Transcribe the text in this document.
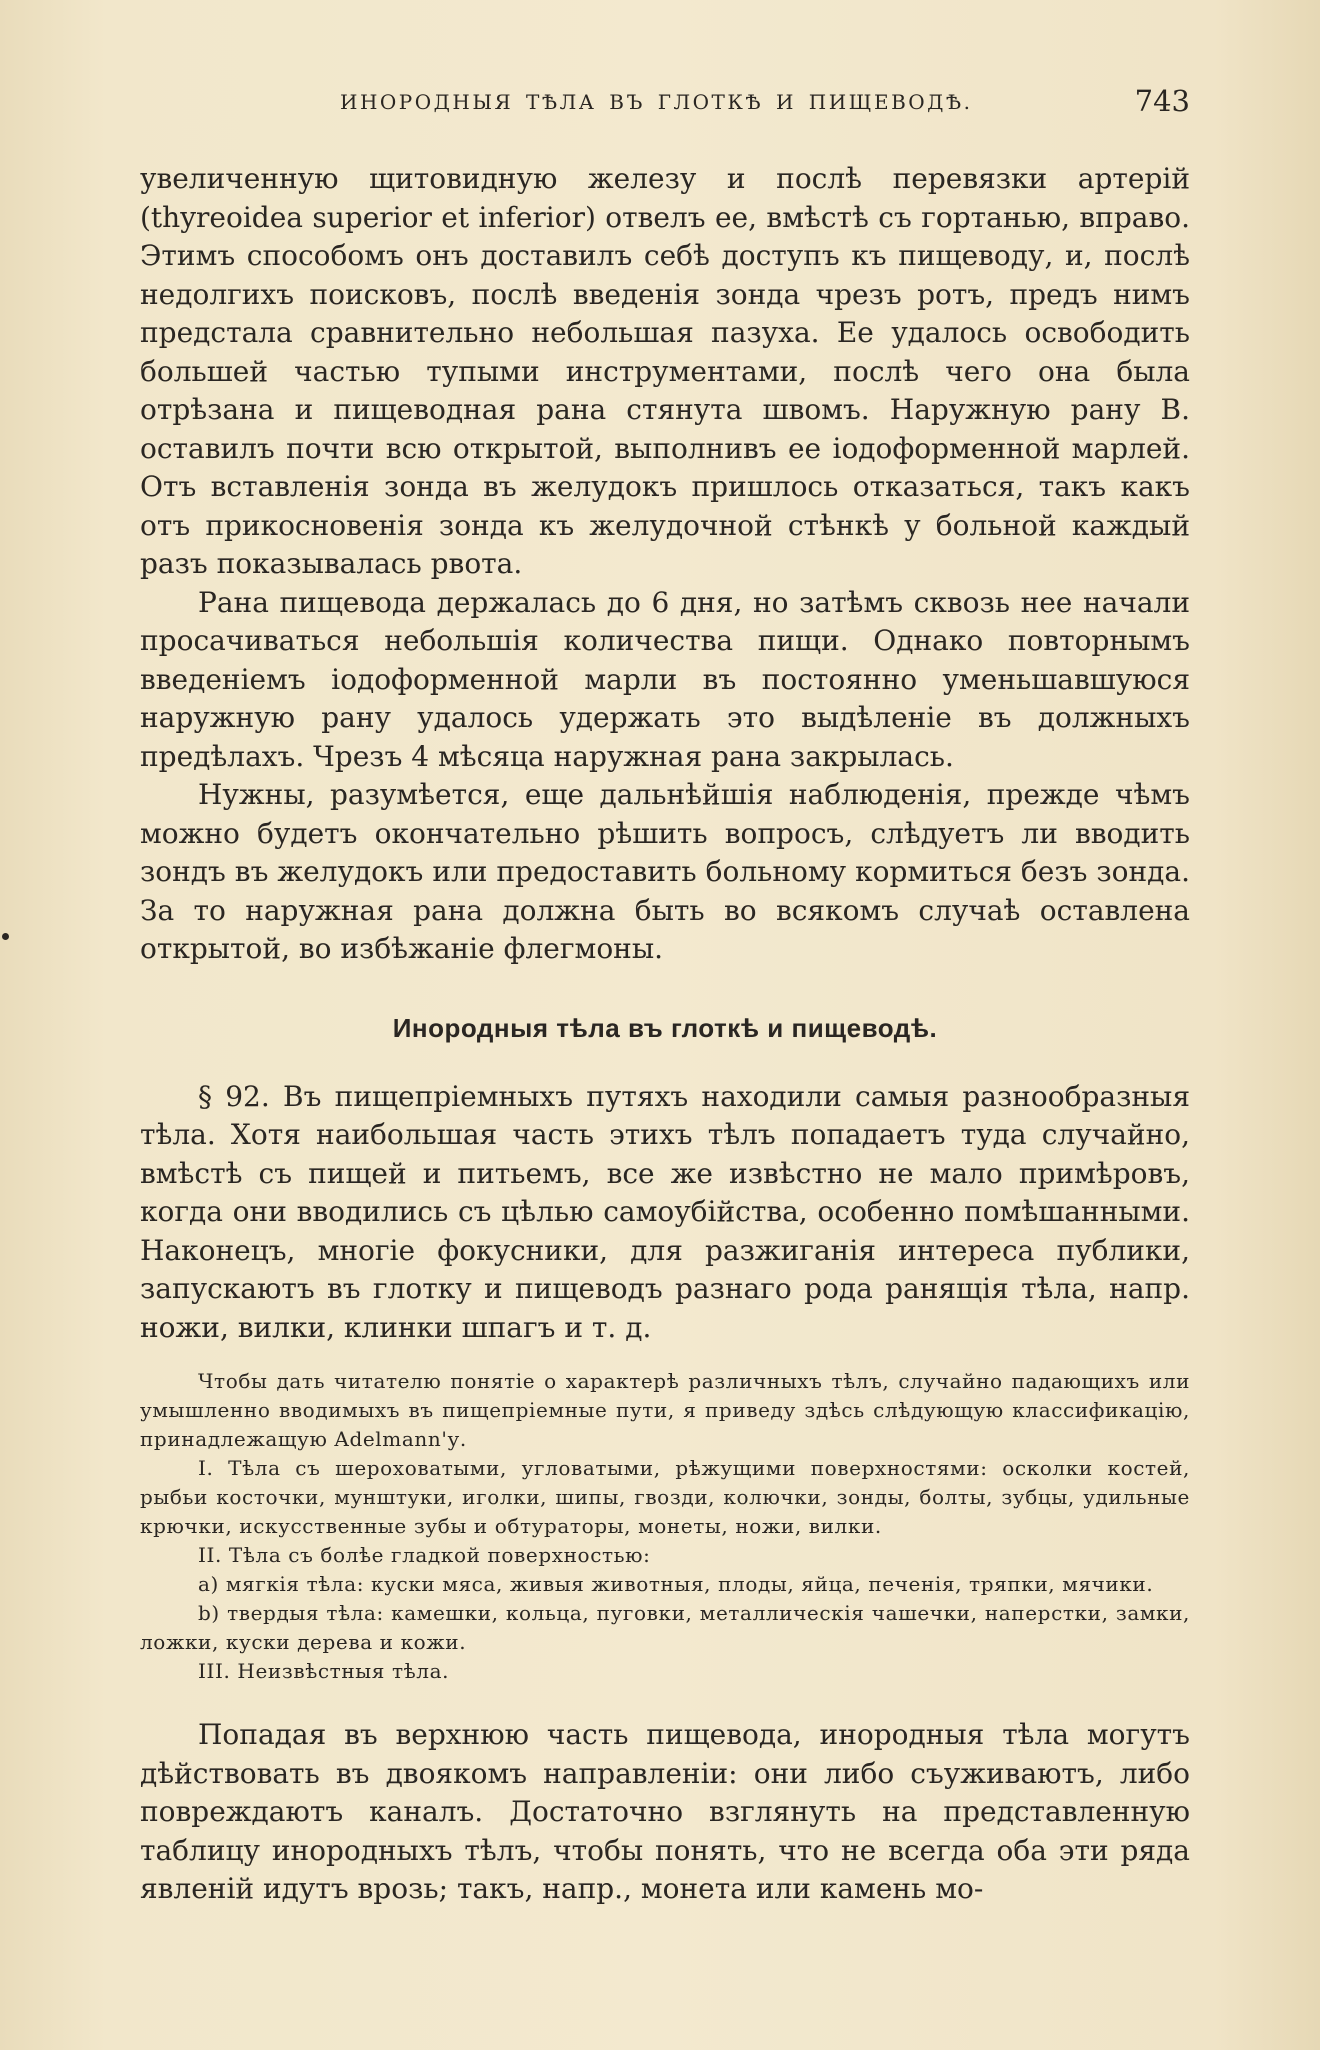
ИНОРОДНЫЯ ТѢЛА ВЪ ГЛОТКѢ И ПИЩЕВОДѢ.	743

увеличенную щитовидную железу и послѣ перевязки артерій (thyreoidea superior et inferior) отвелъ ее, вмѣстѣ съ гортанью, вправо. Этимъ способомъ онъ доставилъ себѣ доступъ къ пищеводу, и, послѣ недолгихъ поисковъ, послѣ введенія зонда чрезъ ротъ, предъ нимъ предстала сравнительно небольшая пазуха. Ее удалось освободить большей частью тупыми инструментами, послѣ чего она была отрѣзана и пищеводная рана стянута швомъ. Наружную рану B. оставилъ почти всю открытой, выполнивъ ее іодоформенной марлей. Отъ вставленія зонда въ желудокъ пришлось отказаться, такъ какъ отъ прикосновенія зонда къ желудочной стѣнкѣ у больной каждый разъ показывалась рвота.

Рана пищевода держалась до 6 дня, но затѣмъ сквозь нее начали просачиваться небольшія количества пищи. Однако повторнымъ введеніемъ іодоформенной марли въ постоянно уменьшавшуюся наружную рану удалось удержать это выдѣленіе въ должныхъ предѣлахъ. Чрезъ 4 мѣсяца наружная рана закрылась.

Нужны, разумѣется, еще дальнѣйшія наблюденія, прежде чѣмъ можно будетъ окончательно рѣшить вопросъ, слѣдуетъ ли вводить зондъ въ желудокъ или предоставить больному кормиться безъ зонда. За то наружная рана должна быть во всякомъ случаѣ оставлена открытой, во избѣжаніе флегмоны.

Инородныя тѣла въ глоткѣ и пищеводѣ.

§ 92. Въ пищепріемныхъ путяхъ находили самыя разнообразныя тѣла. Хотя наибольшая часть этихъ тѣлъ попадаетъ туда случайно, вмѣстѣ съ пищей и питьемъ, все же извѣстно не мало примѣровъ, когда они вводились съ цѣлью самоубійства, особенно помѣшанными. Наконецъ, многіе фокусники, для разжиганія интереса публики, запускаютъ въ глотку и пищеводъ разнаго рода ранящія тѣла, напр. ножи, вилки, клинки шпагъ и т. д.

Чтобы дать читателю понятіе о характерѣ различныхъ тѣлъ, случайно падающихъ или умышленно вводимыхъ въ пищепріемные пути, я приведу здѣсь слѣдующую классификацію, принадлежащую Adelmann'у.

I. Тѣла съ шероховатыми, угловатыми, рѣжущими поверхностями: осколки костей, рыбьи косточки, мунштуки, иголки, шипы, гвозди, колючки, зонды, болты, зубцы, удильные крючки, искусственные зубы и обтураторы, монеты, ножи, вилки.

II. Тѣла съ болѣе гладкой поверхностью:

a) мягкія тѣла: куски мяса, живыя животныя, плоды, яйца, печенія, тряпки, мячики.

b) твердыя тѣла: камешки, кольца, пуговки, металлическія чашечки, наперстки, замки, ложки, куски дерева и кожи.

III. Неизвѣстныя тѣла.

Попадая въ верхнюю часть пищевода, инородныя тѣла могутъ дѣйствовать въ двоякомъ направленіи: они либо съуживаютъ, либо повреждаютъ каналъ. Достаточно взглянуть на представленную таблицу инородныхъ тѣлъ, чтобы понять, что не всегда оба эти ряда явленій идутъ врозь; такъ, напр., монета или камень мо-
